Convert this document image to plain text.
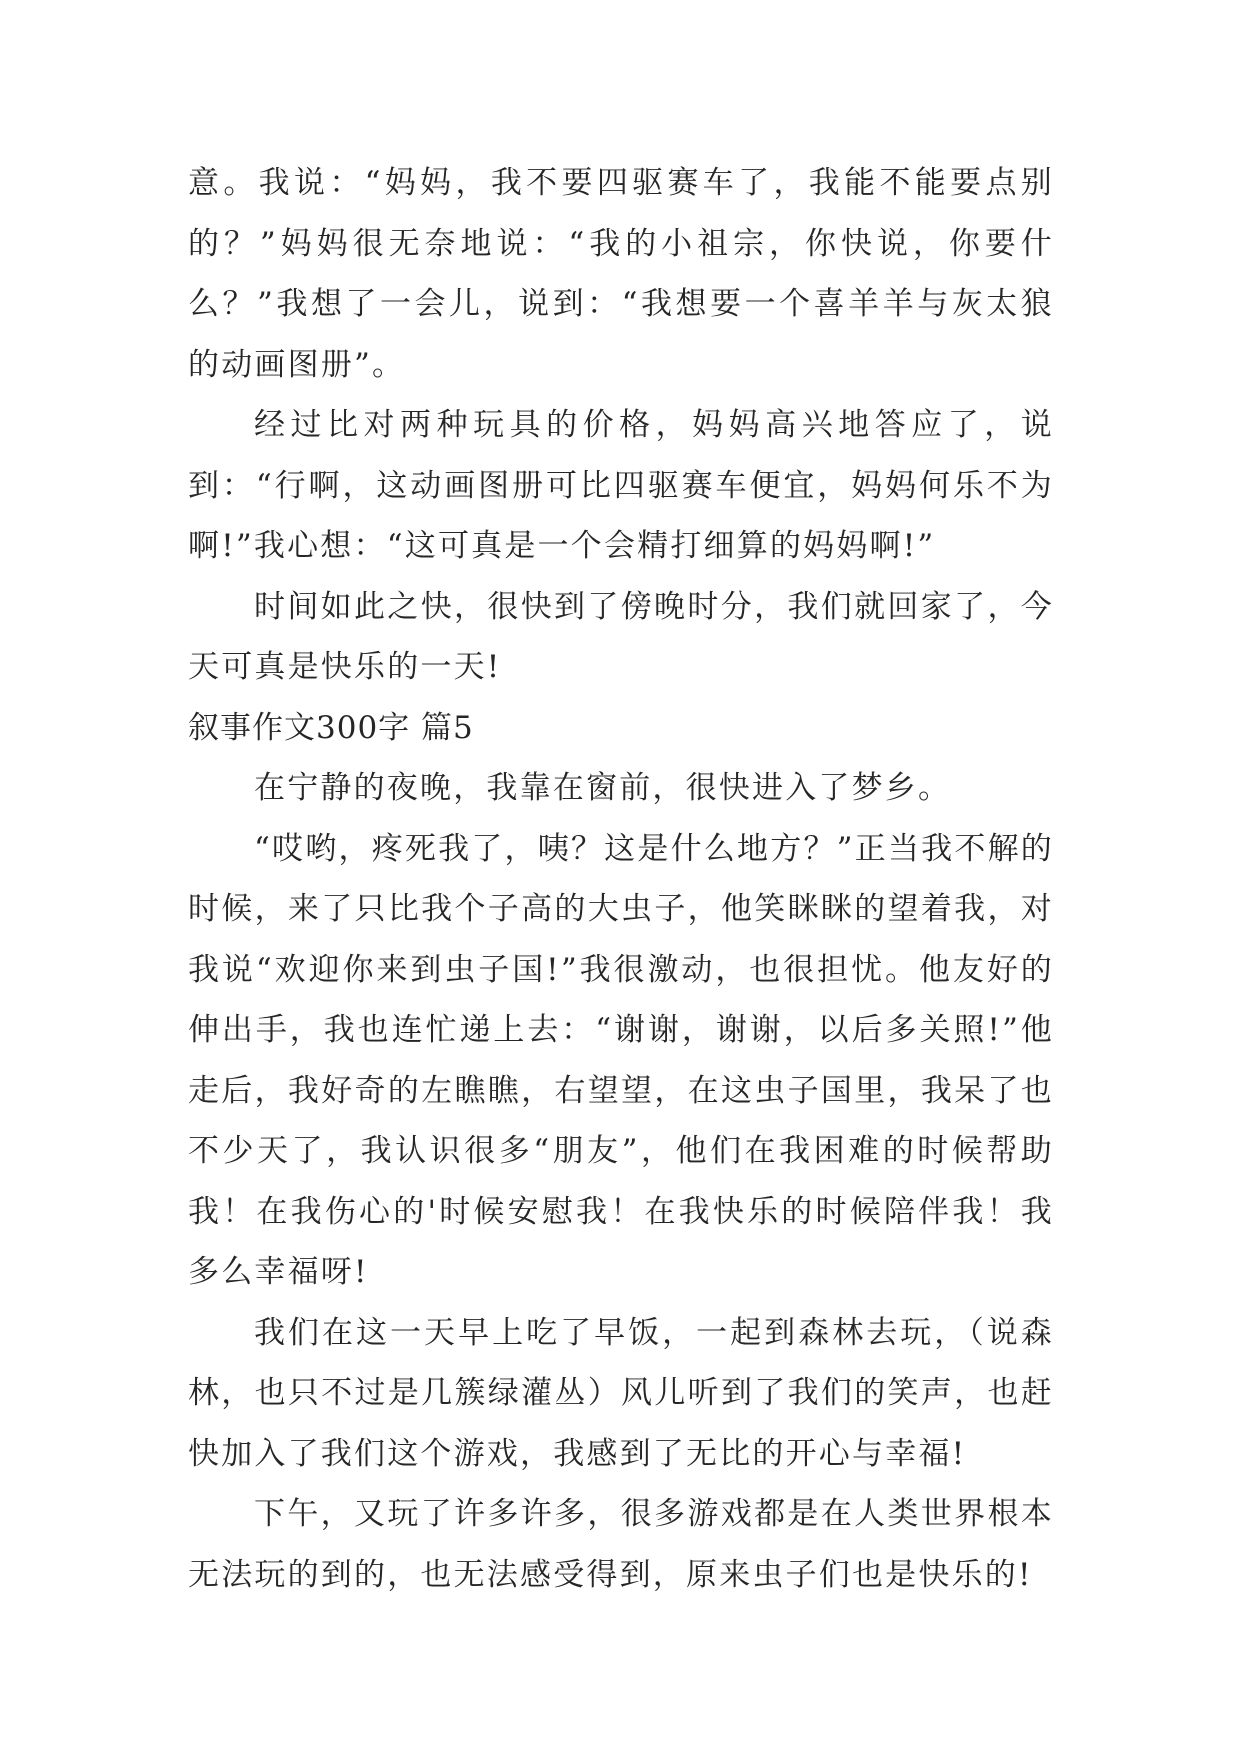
意。我说：“妈妈，我不要四驱赛车了，我能不能要点别的？”妈妈很无奈地说：“我的小祖宗，你快说，你要什么？”我想了一会儿，说到：“我想要一个喜羊羊与灰太狼的动画图册”。

经过比对两种玩具的价格，妈妈高兴地答应了，说到：“行啊，这动画图册可比四驱赛车便宜，妈妈何乐不为啊!”我心想：“这可真是一个会精打细算的妈妈啊!”

时间如此之快，很快到了傍晚时分，我们就回家了，今天可真是快乐的一天!

叙事作文300字 篇5

在宁静的夜晚，我靠在窗前，很快进入了梦乡。

“哎哟，疼死我了，咦？这是什么地方？”正当我不解的时候，来了只比我个子高的大虫子，他笑眯眯的望着我，对我说“欢迎你来到虫子国!”我很激动，也很担忧。他友好的伸出手，我也连忙递上去：“谢谢，谢谢，以后多关照!”他走后，我好奇的左瞧瞧，右望望，在这虫子国里，我呆了也不少天了，我认识很多“朋友”，他们在我困难的时候帮助我！在我伤心的'时候安慰我！在我快乐的时候陪伴我！我多么幸福呀!

我们在这一天早上吃了早饭，一起到森林去玩，（说森林，也只不过是几簇绿灌丛）风儿听到了我们的笑声，也赶快加入了我们这个游戏，我感到了无比的开心与幸福!

下午，又玩了许多许多，很多游戏都是在人类世界根本无法玩的到的，也无法感受得到，原来虫子们也是快乐的!
